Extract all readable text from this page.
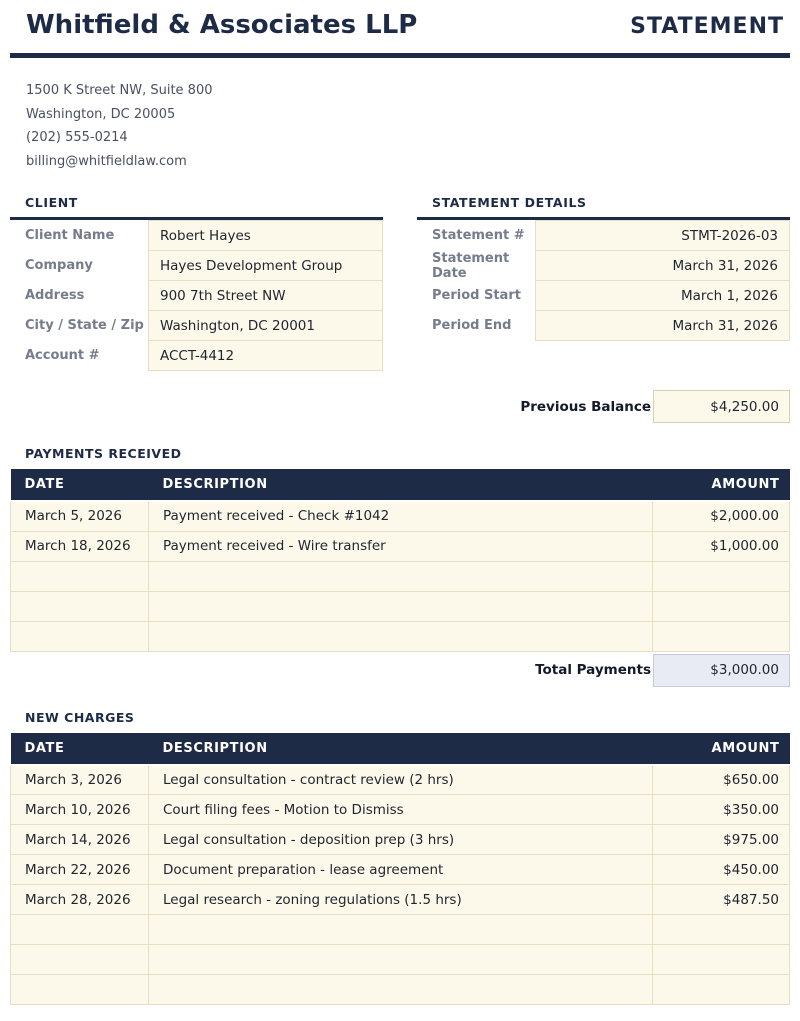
Whitfield & Associates LLP	STATEMENT
1500 K Street NW, Suite 800
Washington, DC 20005
(202) 555-0214
billing@whitfieldlaw.com
CLIENT
Client Name	Robert Hayes
Company	Hayes Development Group
Address	900 7th Street NW
City / State / Zip	Washington, DC 20001
Account #	ACCT-4412
STATEMENT DETAILS
Statement #	STMT-2026-03
Statement Date	March 31, 2026
Period Start	March 1, 2026
Period End	March 31, 2026
Previous Balance	$4,250.00
PAYMENTS RECEIVED
DATE	DESCRIPTION	AMOUNT
March 5, 2026	Payment received - Check #1042	$2,000.00
March 18, 2026	Payment received - Wire transfer	$1,000.00

Total Payments	$3,000.00
NEW CHARGES
DATE	DESCRIPTION	AMOUNT
March 3, 2026	Legal consultation - contract review (2 hrs)	$650.00
March 10, 2026	Court filing fees - Motion to Dismiss	$350.00
March 14, 2026	Legal consultation - deposition prep (3 hrs)	$975.00
March 22, 2026	Document preparation - lease agreement	$450.00
March 28, 2026	Legal research - zoning regulations (1.5 hrs)	$487.50
